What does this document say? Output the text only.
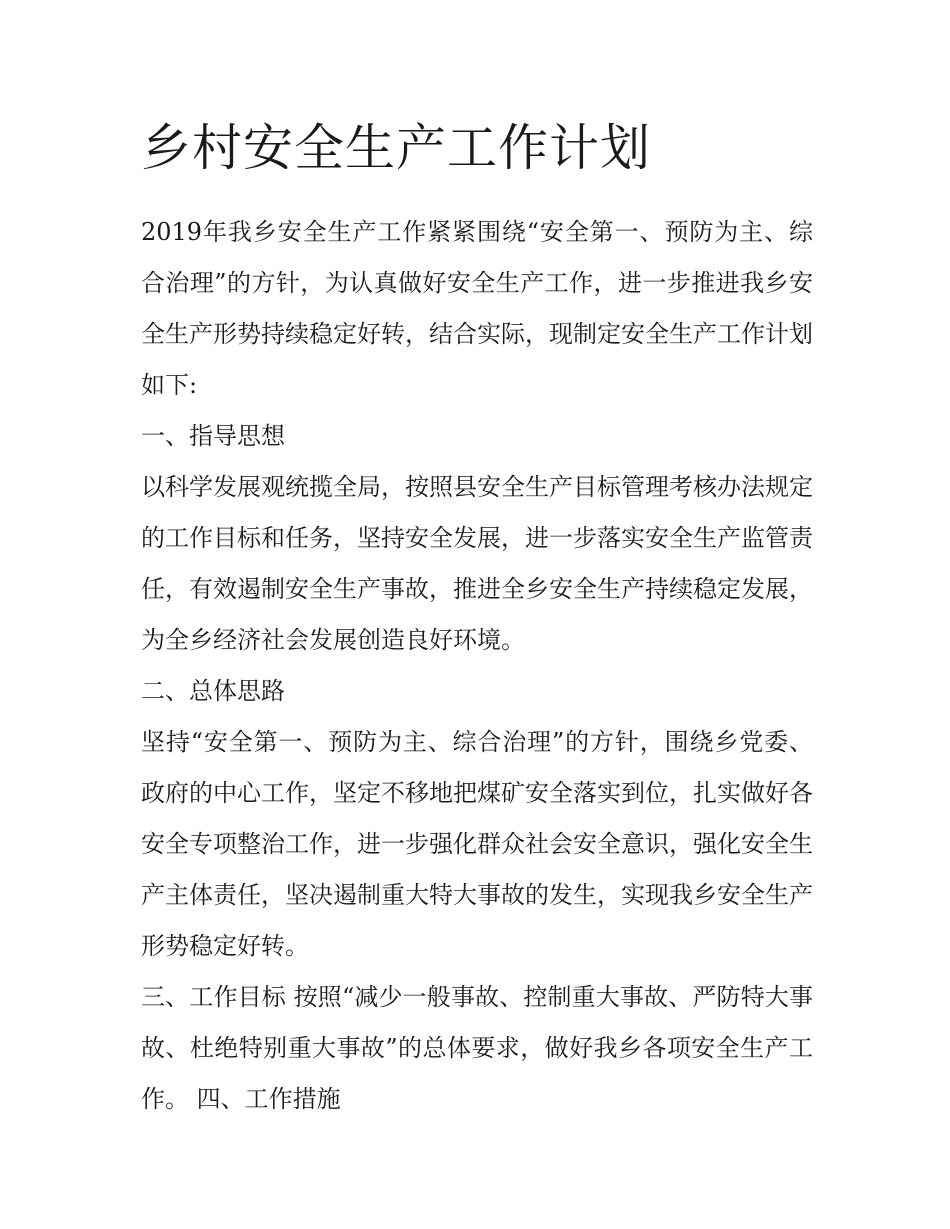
乡村安全生产工作计划

2019年我乡安全生产工作紧紧围绕“安全第一、预防为主、综合治理”的方针，为认真做好安全生产工作，进一步推进我乡安全生产形势持续稳定好转，结合实际，现制定安全生产工作计划如下:

一、指导思想

以科学发展观统揽全局，按照县安全生产目标管理考核办法规定的工作目标和任务，坚持安全发展，进一步落实安全生产监管责任，有效遏制安全生产事故，推进全乡安全生产持续稳定发展，为全乡经济社会发展创造良好环境。

二、总体思路

坚持“安全第一、预防为主、综合治理”的方针，围绕乡党委、政府的中心工作，坚定不移地把煤矿安全落实到位，扎实做好各安全专项整治工作，进一步强化群众社会安全意识，强化安全生产主体责任，坚决遏制重大特大事故的发生，实现我乡安全生产形势稳定好转。

三、工作目标 按照“减少一般事故、控制重大事故、严防特大事故、杜绝特别重大事故”的总体要求，做好我乡各项安全生产工作。 四、工作措施
